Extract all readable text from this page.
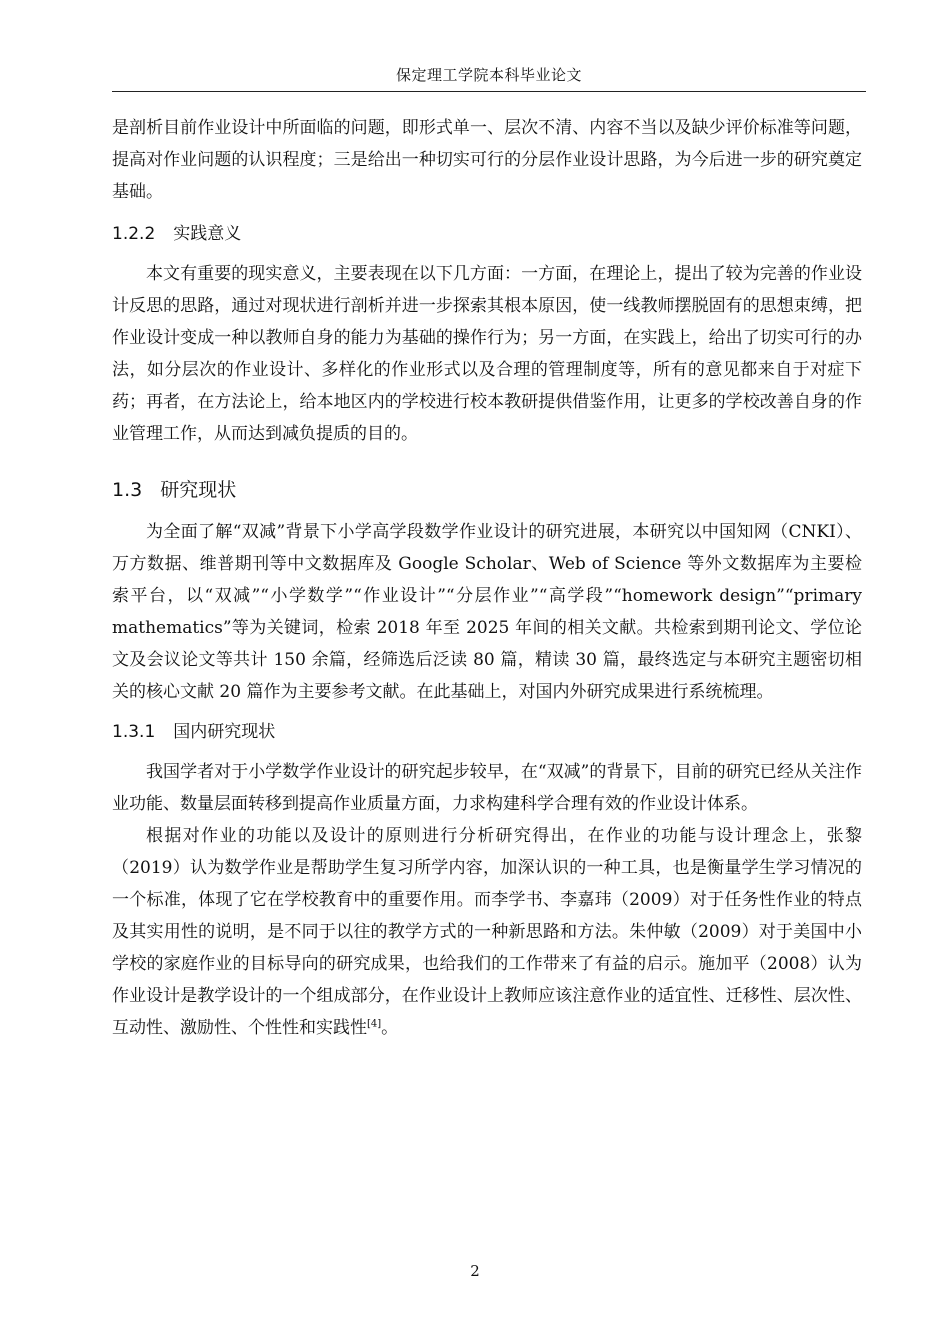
保定理工学院本科毕业论文

是剖析目前作业设计中所面临的问题，即形式单一、层次不清、内容不当以及缺少评价标准等问题，提高对作业问题的认识程度；三是给出一种切实可行的分层作业设计思路，为今后进一步的研究奠定基础。

1.2.2 实践意义

本文有重要的现实意义，主要表现在以下几方面：一方面，在理论上，提出了较为完善的作业设计反思的思路，通过对现状进行剖析并进一步探索其根本原因，使一线教师摆脱固有的思想束缚，把作业设计变成一种以教师自身的能力为基础的操作行为；另一方面，在实践上，给出了切实可行的办法，如分层次的作业设计、多样化的作业形式以及合理的管理制度等，所有的意见都来自于对症下药；再者，在方法论上，给本地区内的学校进行校本教研提供借鉴作用，让更多的学校改善自身的作业管理工作，从而达到减负提质的目的。

1.3 研究现状

为全面了解“双减”背景下小学高学段数学作业设计的研究进展，本研究以中国知网（CNKI）、万方数据、维普期刊等中文数据库及 Google Scholar、Web of Science 等外文数据库为主要检索平台，以“双减”“小学数学”“作业设计”“分层作业”“高学段”“homework design”“primary mathematics”等为关键词，检索 2018 年至 2025 年间的相关文献。共检索到期刊论文、学位论文及会议论文等共计 150 余篇，经筛选后泛读 80 篇，精读 30 篇，最终选定与本研究主题密切相关的核心文献 20 篇作为主要参考文献。在此基础上，对国内外研究成果进行系统梳理。

1.3.1 国内研究现状

我国学者对于小学数学作业设计的研究起步较早，在“双减”的背景下，目前的研究已经从关注作业功能、数量层面转移到提高作业质量方面，力求构建科学合理有效的作业设计体系。

根据对作业的功能以及设计的原则进行分析研究得出，在作业的功能与设计理念上，张黎（2019）认为数学作业是帮助学生复习所学内容，加深认识的一种工具，也是衡量学生学习情况的一个标准，体现了它在学校教育中的重要作用。而李学书、李嘉玮（2009）对于任务性作业的特点及其实用性的说明，是不同于以往的教学方式的一种新思路和方法。朱仲敏（2009）对于美国中小学校的家庭作业的目标导向的研究成果，也给我们的工作带来了有益的启示。施加平（2008）认为作业设计是教学设计的一个组成部分，在作业设计上教师应该注意作业的适宜性、迁移性、层次性、互动性、激励性、个性性和实践性[4]。

2
